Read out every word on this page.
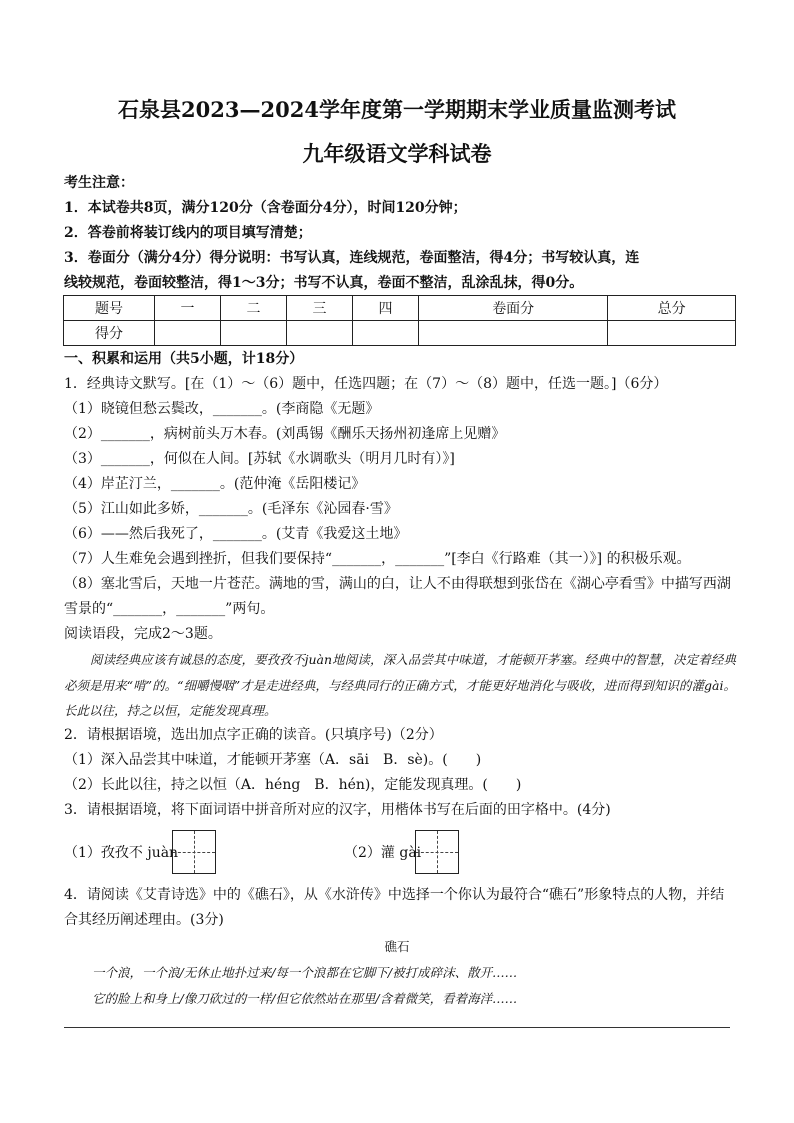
石泉县2023—2024学年度第一学期期末学业质量监测考试
九年级语文学科试卷
考生注意：
1．本试卷共8页，满分120分（含卷面分4分），时间120分钟；
2．答卷前将装订线内的项目填写清楚；
3．卷面分（满分4分）得分说明：书写认真，连线规范，卷面整洁，得4分；书写较认真，连
线较规范，卷面较整洁，得1～3分；书写不认真，卷面不整洁，乱涂乱抹，得0分。
题号	一	二	三	四	卷面分	总分
得分						
一、积累和运用（共5小题，计18分）
1．经典诗文默写。[在（1）～（6）题中，任选四题；在（7）～（8）题中，任选一题。]（6分）
（1）晓镜但愁云鬓改，_______。(李商隐《无题》
（2）_______，病树前头万木春。(刘禹锡《酬乐天扬州初逢席上见赠》
（3）_______，何似在人间。[苏轼《水调歌头（明月几时有）》]
（4）岸芷汀兰，_______。(范仲淹《岳阳楼记》
（5）江山如此多娇，_______。(毛泽东《沁园春·雪》
（6）——然后我死了，_______。(艾青《我爱这土地》
（7）人生难免会遇到挫折，但我们要保持“_______，_______”[李白《行路难（其一）》] 的积极乐观。
（8）塞北雪后，天地一片苍茫。满地的雪，满山的白，让人不由得联想到张岱在《湖心亭看雪》中描写西湖
雪景的“_______，_______”两句。
阅读语段，完成2～3题。
阅读经典应该有诚恳的态度，要孜孜不juàn地阅读，深入品尝其中味道，才能顿开茅塞。经典中的智慧，决定着经典必须是用来“啃”的。“细嚼慢咽”才是走进经典，与经典同行的正确方式，才能更好地消化与吸收，进而得到知识的灌gài。长此以往，持之以恒，定能发现真理。
2．请根据语境，选出加点字正确的读音。(只填序号)（2分）
（1）深入品尝其中味道，才能顿开茅塞（A．sāi　B．sè)。(　　)
（2）长此以往，持之以恒（A．héng　B．hén)，定能发现真理。(　　)
3．请根据语境，将下面词语中拼音所对应的汉字，用楷体书写在后面的田字格中。(4分)
（1）孜孜不 juàn	（2）灌 gài
4．请阅读《艾青诗选》中的《礁石》，从《水浒传》中选择一个你认为最符合“礁石”形象特点的人物，并结
合其经历阐述理由。(3分)
礁石
一个浪，一个浪/无休止地扑过来/每一个浪都在它脚下/被打成碎沫、散开……
它的脸上和身上/像刀砍过的一样/但它依然站在那里/含着微笑，看着海洋……
